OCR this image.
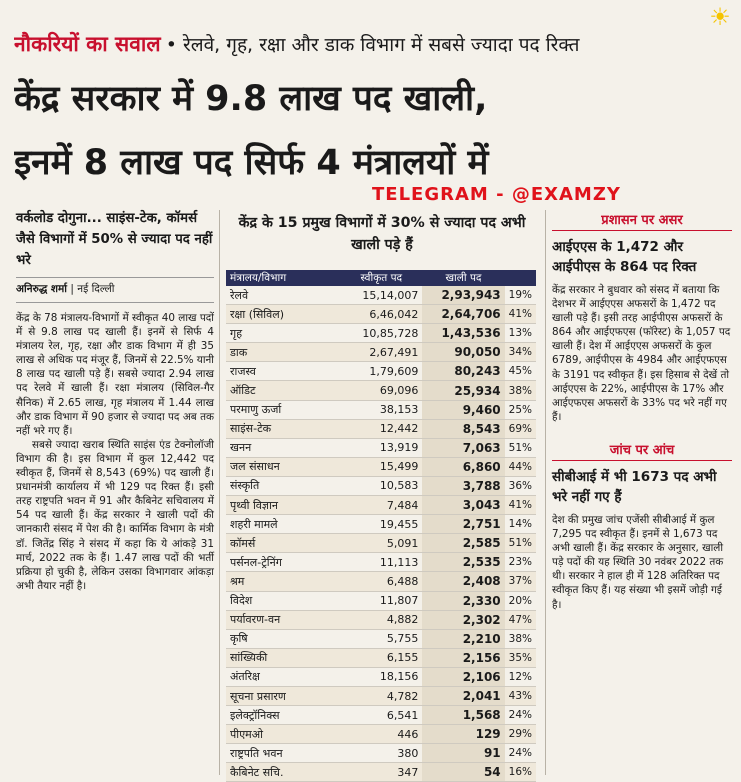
☀
नौकरियों का सवाल • रेलवे, गृह, रक्षा और डाक विभाग में सबसे ज्यादा पद रिक्त
केंद्र सरकार में 9.8 लाख पद खाली,
इनमें 8 लाख पद सिर्फ 4 मंत्रालयों में
TELEGRAM - @EXAMZY
वर्कलोड दोगुना... साइंस-टेक, कॉमर्स जैसे विभागों में 50% से ज्यादा पद नहीं भरे
अनिरुद्ध शर्मा | नई दिल्ली

केंद्र के 78 मंत्रालय-विभागों में स्वीकृत 40 लाख पदों में से 9.8 लाख पद खाली हैं। इनमें से सिर्फ 4 मंत्रालय रेल, गृह, रक्षा और डाक विभाग में ही 35 लाख से अधिक पद मंजूर हैं, जिनमें से 22.5% यानी 8 लाख पद खाली पड़े हैं। सबसे ज्यादा 2.94 लाख पद रेलवे में खाली हैं। रक्षा मंत्रालय (सिविल-गैर सैनिक) में 2.65 लाख, गृह मंत्रालय में 1.44 लाख और डाक विभाग में 90 हजार से ज्यादा पद अब तक नहीं भरे गए हैं।

सबसे ज्यादा खराब स्थिति साइंस एंड टेक्नोलॉजी विभाग की है। इस विभाग में कुल 12,442 पद स्वीकृत हैं, जिनमें से 8,543 (69%) पद खाली हैं। प्रधानमंत्री कार्यालय में भी 129 पद रिक्त हैं। इसी तरह राष्ट्रपति भवन में 91 और कैबिनेट सचिवालय में 54 पद खाली हैं। केंद्र सरकार ने खाली पदों की जानकारी संसद में पेश की है। कार्मिक विभाग के मंत्री डॉ. जितेंद्र सिंह ने संसद में कहा कि ये आंकड़े 31 मार्च, 2022 तक के हैं। 1.47 लाख पदों की भर्ती प्रक्रिया हो चुकी है, लेकिन उसका विभागवार आंकड़ा अभी तैयार नहीं है।

केंद्र के 15 प्रमुख विभागों में 30% से ज्यादा पद अभी खाली पड़े हैं
मंत्रालय/विभाग	स्वीकृत पद	खाली पद	
रेलवे	15,14,007	2,93,943	19%
रक्षा (सिविल)	6,46,042	2,64,706	41%
गृह	10,85,728	1,43,536	13%
डाक	2,67,491	90,050	34%
राजस्व	1,79,609	80,243	45%
ऑडिट	69,096	25,934	38%
परमाणु ऊर्जा	38,153	9,460	25%
साइंस-टेक	12,442	8,543	69%
खनन	13,919	7,063	51%
जल संसाधन	15,499	6,860	44%
संस्कृति	10,583	3,788	36%
पृथ्वी विज्ञान	7,484	3,043	41%
शहरी मामले	19,455	2,751	14%
कॉमर्स	5,091	2,585	51%
पर्सनल-ट्रेनिंग	11,113	2,535	23%
श्रम	6,488	2,408	37%
विदेश	11,807	2,330	20%
पर्यावरण-वन	4,882	2,302	47%
कृषि	5,755	2,210	38%
सांख्यिकी	6,155	2,156	35%
अंतरिक्ष	18,156	2,106	12%
सूचना प्रसारण	4,782	2,041	43%
इलेक्ट्रॉनिक्स	6,541	1,568	24%
पीएमओ	446	129	29%
राष्ट्रपति भवन	380	91	24%
कैबिनेट सचि.	347	54	16%
प्रशासन पर असर
आईएएस के 1,472 और आईपीएस के 864 पद रिक्त
केंद्र सरकार ने बुधवार को संसद में बताया कि देशभर में आईएएस अफसरों के 1,472 पद खाली पड़े हैं। इसी तरह आईपीएस अफसरों के 864 और आईएफएस (फॉरेस्ट) के 1,057 पद खाली हैं। देश में आईएएस अफसरों के कुल 6789, आईपीएस के 4984 और आईएफएस के 3191 पद स्वीकृत हैं। इस हिसाब से देखें तो आईएएस के 22%, आईपीएस के 17% और आईएफएस अफसरों के 33% पद भरे नहीं गए हैं।
जांच पर आंच
सीबीआई में भी 1673 पद अभी भरे नहीं गए हैं
देश की प्रमुख जांच एजेंसी सीबीआई में कुल 7,295 पद स्वीकृत हैं। इनमें से 1,673 पद अभी खाली हैं। केंद्र सरकार के अनुसार, खाली पड़े पदों की यह स्थिति 30 नवंबर 2022 तक थी। सरकार ने हाल ही में 128 अतिरिक्त पद स्वीकृत किए हैं। यह संख्या भी इसमें जोड़ी गई है।
